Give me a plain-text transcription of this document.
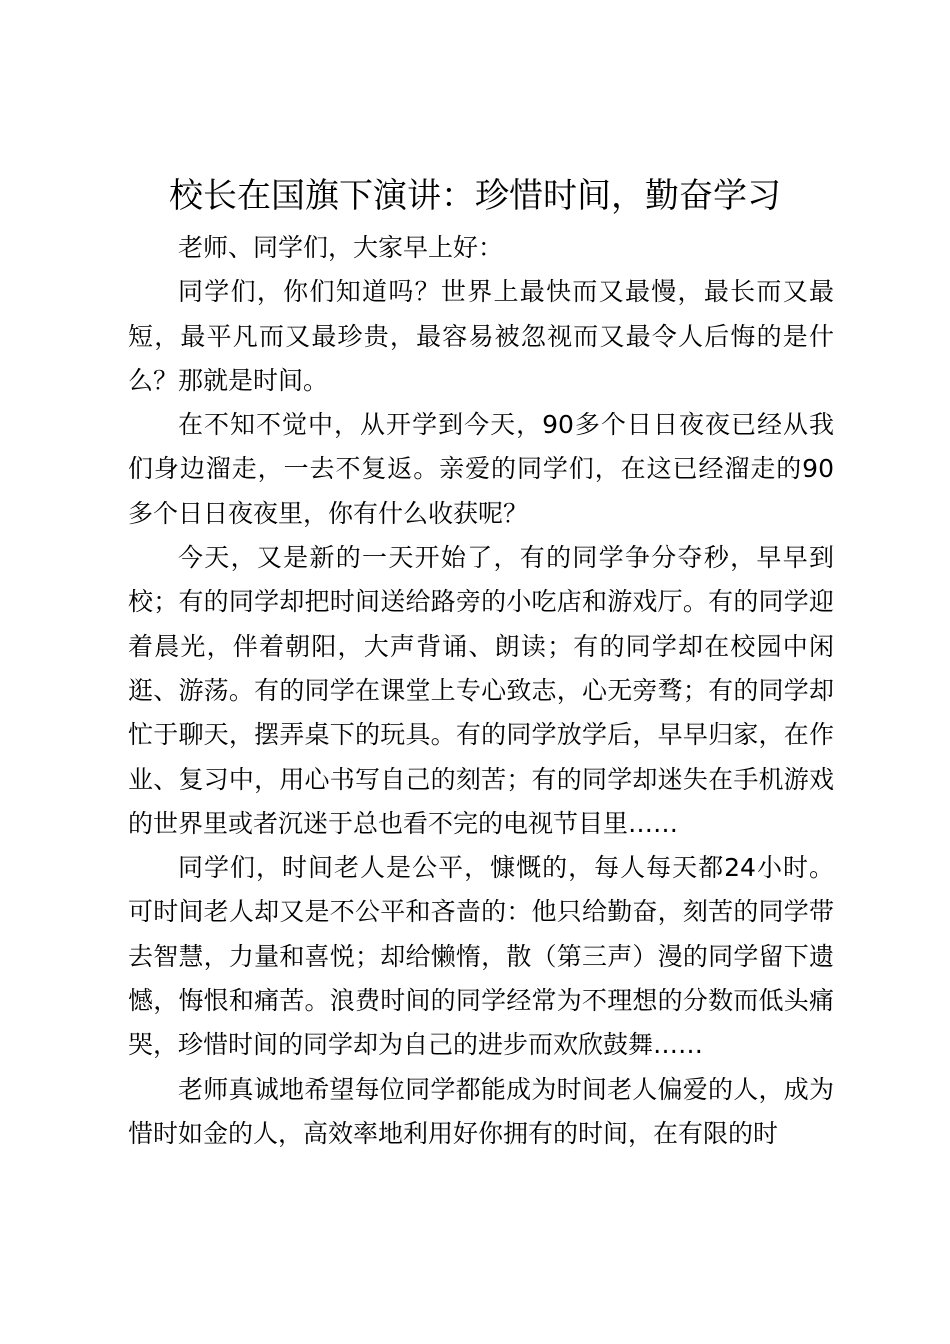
校长在国旗下演讲：珍惜时间，勤奋学习

老师、同学们，大家早上好：

同学们，你们知道吗？世界上最快而又最慢，最长而又最短，最平凡而又最珍贵，最容易被忽视而又最令人后悔的是什么？那就是时间。

在不知不觉中，从开学到今天，90多个日日夜夜已经从我们身边溜走，一去不复返。亲爱的同学们，在这已经溜走的90多个日日夜夜里，你有什么收获呢？

今天，又是新的一天开始了，有的同学争分夺秒，早早到校；有的同学却把时间送给路旁的小吃店和游戏厅。有的同学迎着晨光，伴着朝阳，大声背诵、朗读；有的同学却在校园中闲逛、游荡。有的同学在课堂上专心致志，心无旁骛；有的同学却忙于聊天，摆弄桌下的玩具。有的同学放学后，早早归家，在作业、复习中，用心书写自己的刻苦；有的同学却迷失在手机游戏的世界里或者沉迷于总也看不完的电视节目里……

同学们，时间老人是公平，慷慨的，每人每天都24小时。可时间老人却又是不公平和吝啬的：他只给勤奋，刻苦的同学带去智慧，力量和喜悦；却给懒惰，散（第三声）漫的同学留下遗憾，悔恨和痛苦。浪费时间的同学经常为不理想的分数而低头痛哭，珍惜时间的同学却为自己的进步而欢欣鼓舞……

老师真诚地希望每位同学都能成为时间老人偏爱的人，成为惜时如金的人，高效率地利用好你拥有的时间，在有限的时
